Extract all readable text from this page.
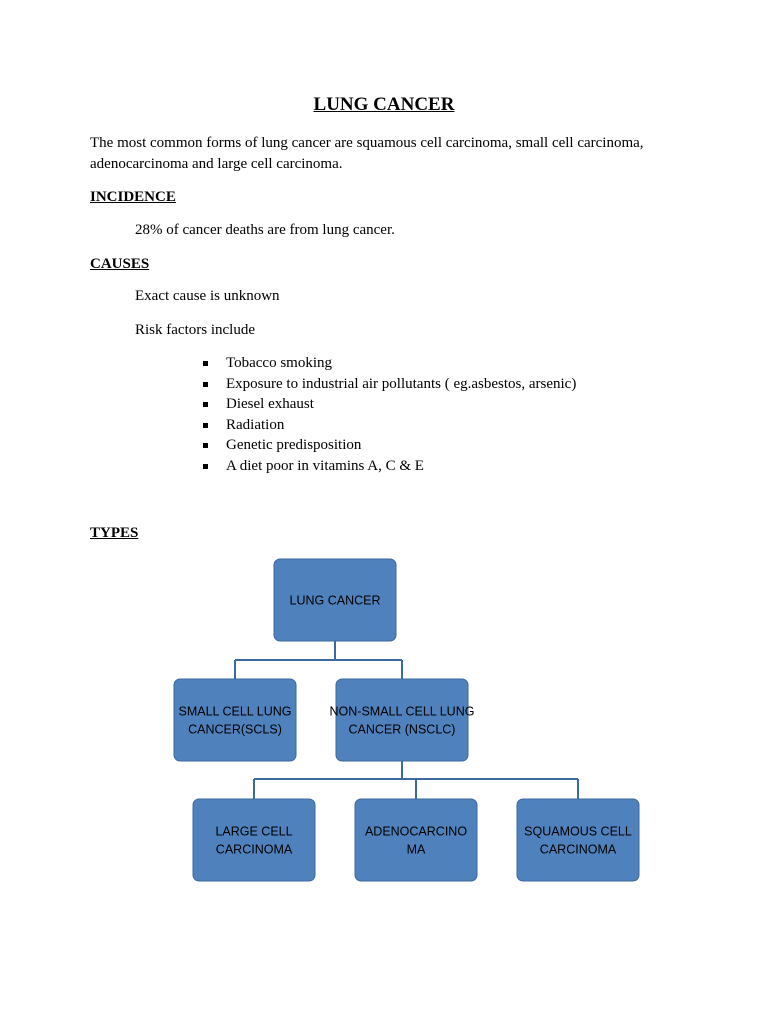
LUNG CANCER
The most common forms of lung cancer are squamous cell carcinoma, small cell carcinoma, adenocarcinoma and large cell carcinoma.
INCIDENCE
28% of cancer deaths are from lung cancer.
CAUSES
Exact cause is unknown
Risk factors include
Tobacco smoking
Exposure to industrial air pollutants ( eg.asbestos, arsenic)
Diesel exhaust
Radiation
Genetic predisposition
A diet poor in vitamins A, C & E
TYPES
LUNG CANCER
SMALL CELL LUNG
CANCER(SCLS)
NON-SMALL CELL LUNG
CANCER (NSCLC)
LARGE CELL
CARCINOMA
ADENOCARCINO
MA
SQUAMOUS CELL
CARCINOMA
